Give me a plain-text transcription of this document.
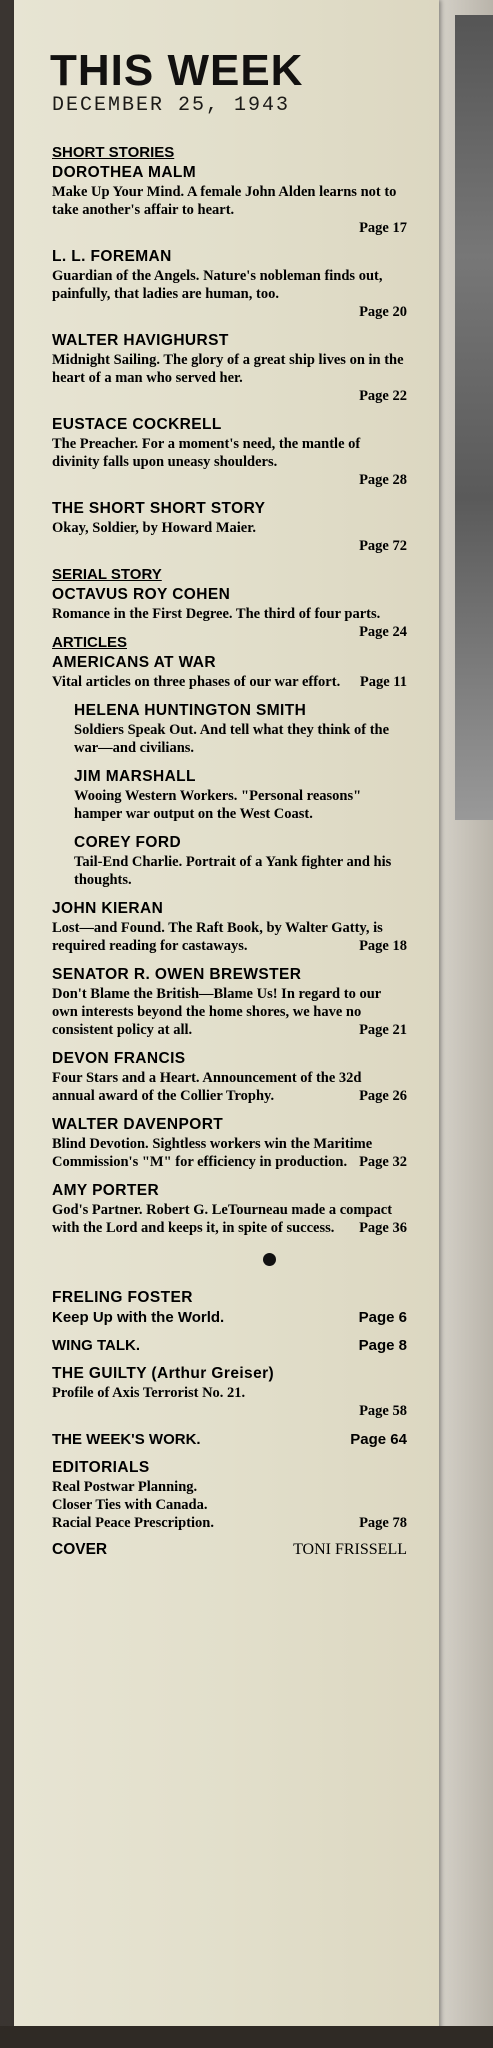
THIS WEEK
DECEMBER 25, 1943
SHORT STORIES

DOROTHEA MALM

Make Up Your Mind. A female John Alden learns not to take another's affair to heart.

Page 17

L. L. FOREMAN

Guardian of the Angels. Nature's nobleman finds out, painfully, that ladies are human, too.

Page 20

WALTER HAVIGHURST

Midnight Sailing. The glory of a great ship lives on in the heart of a man who served her.

Page 22

EUSTACE COCKRELL

The Preacher. For a moment's need, the mantle of divinity falls upon uneasy shoulders.

Page 28

THE SHORT SHORT STORY

Okay, Soldier, by Howard Maier.

Page 72

SERIAL STORY

OCTAVUS ROY COHEN

Romance in the First Degree. The third of four parts.
Page 24

ARTICLES

AMERICANS AT WAR

Vital articles on three phases of our war effort. Page 11

HELENA HUNTINGTON SMITH

Soldiers Speak Out. And tell what they think of the war—and civilians.

JIM MARSHALL

Wooing Western Workers. "Personal reasons" hamper war output on the West Coast.

COREY FORD

Tail-End Charlie. Portrait of a Yank fighter and his thoughts.

JOHN KIERAN

Lost—and Found. The Raft Book, by Walter Gatty, is required reading for castaways.	Page 18

SENATOR R. OWEN BREWSTER

Don't Blame the British—Blame Us! In regard to our own interests beyond the home shores, we have no consistent policy at all.	Page 21

DEVON FRANCIS

Four Stars and a Heart. Announcement of the 32d annual award of the Collier Trophy.	Page 26

WALTER DAVENPORT

Blind Devotion. Sightless workers win the Maritime Commission's "M" for efficiency in production. Page 32

AMY PORTER

God's Partner. Robert G. LeTourneau made a compact with the Lord and keeps it, in spite of success. Page 36

FRELING FOSTER

Keep Up with the World.	Page 6

WING TALK.	Page 8

THE GUILTY (Arthur Greiser)

Profile of Axis Terrorist No. 21.

Page 58

THE WEEK'S WORK.	Page 64

EDITORIALS

Real Postwar Planning.

Closer Ties with Canada.

Racial Peace Prescription.	Page 78

COVER	TONI FRISSELL
